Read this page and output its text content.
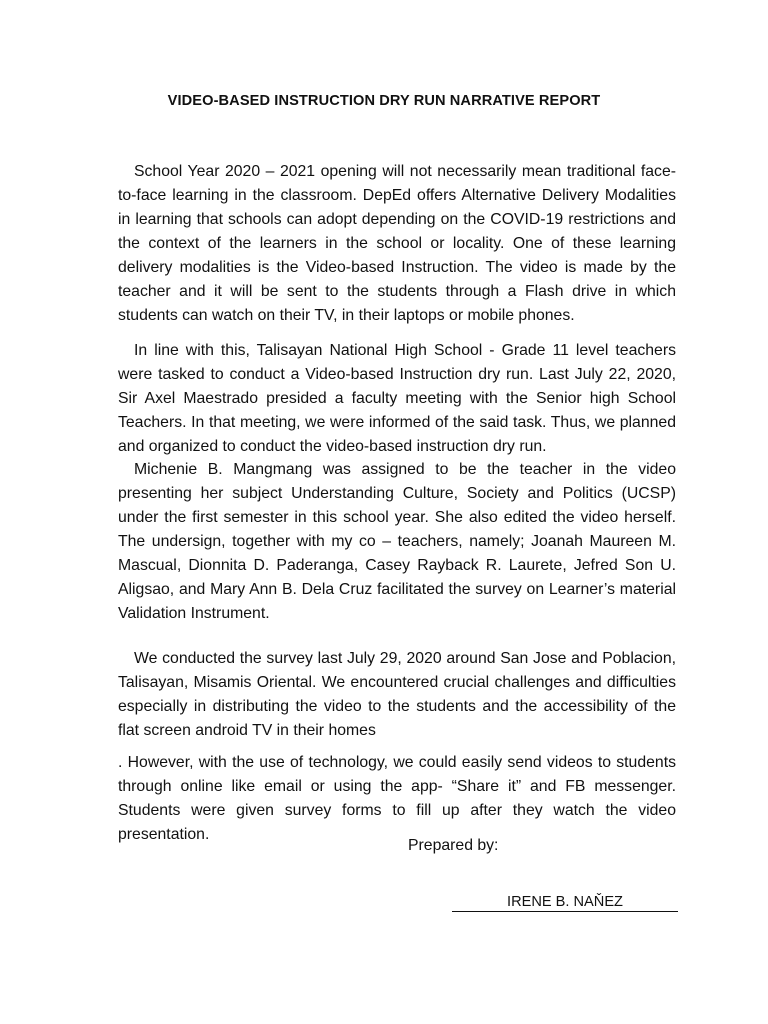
VIDEO-BASED INSTRUCTION DRY RUN NARRATIVE REPORT

School Year 2020 – 2021 opening will not necessarily mean traditional face-to-face learning in the classroom. DepEd offers Alternative Delivery Modalities in learning that schools can adopt depending on the COVID-19 restrictions and the context of the learners in the school or locality. One of these learning delivery modalities is the Video-based Instruction. The video is made by the teacher and it will be sent to the students through a Flash drive in which students can watch on their TV, in their laptops or mobile phones.

In line with this, Talisayan National High School - Grade 11 level teachers were tasked to conduct a Video-based Instruction dry run. Last July 22, 2020, Sir Axel Maestrado presided a faculty meeting with the Senior high School Teachers. In that meeting, we were informed of the said task. Thus, we planned and organized to conduct the video-based instruction dry run.

Michenie B. Mangmang was assigned to be the teacher in the video presenting her subject Understanding Culture, Society and Politics (UCSP) under the first semester in this school year. She also edited the video herself. The undersign, together with my co – teachers, namely; Joanah Maureen M. Mascual, Dionnita D. Paderanga, Casey Rayback R. Laurete, Jefred Son U. Aligsao, and Mary Ann B. Dela Cruz facilitated the survey on Learner’s material Validation Instrument.

We conducted the survey last July 29, 2020 around San Jose and Poblacion, Talisayan, Misamis Oriental. We encountered crucial challenges and difficulties especially in distributing the video to the students and the accessibility of the flat screen android TV in their homes

. However, with the use of technology, we could easily send videos to students through online like email or using the app- “Share it” and FB messenger. Students were given survey forms to fill up after they watch the video presentation.

Prepared by:
IRENE B. NAŇEZ
